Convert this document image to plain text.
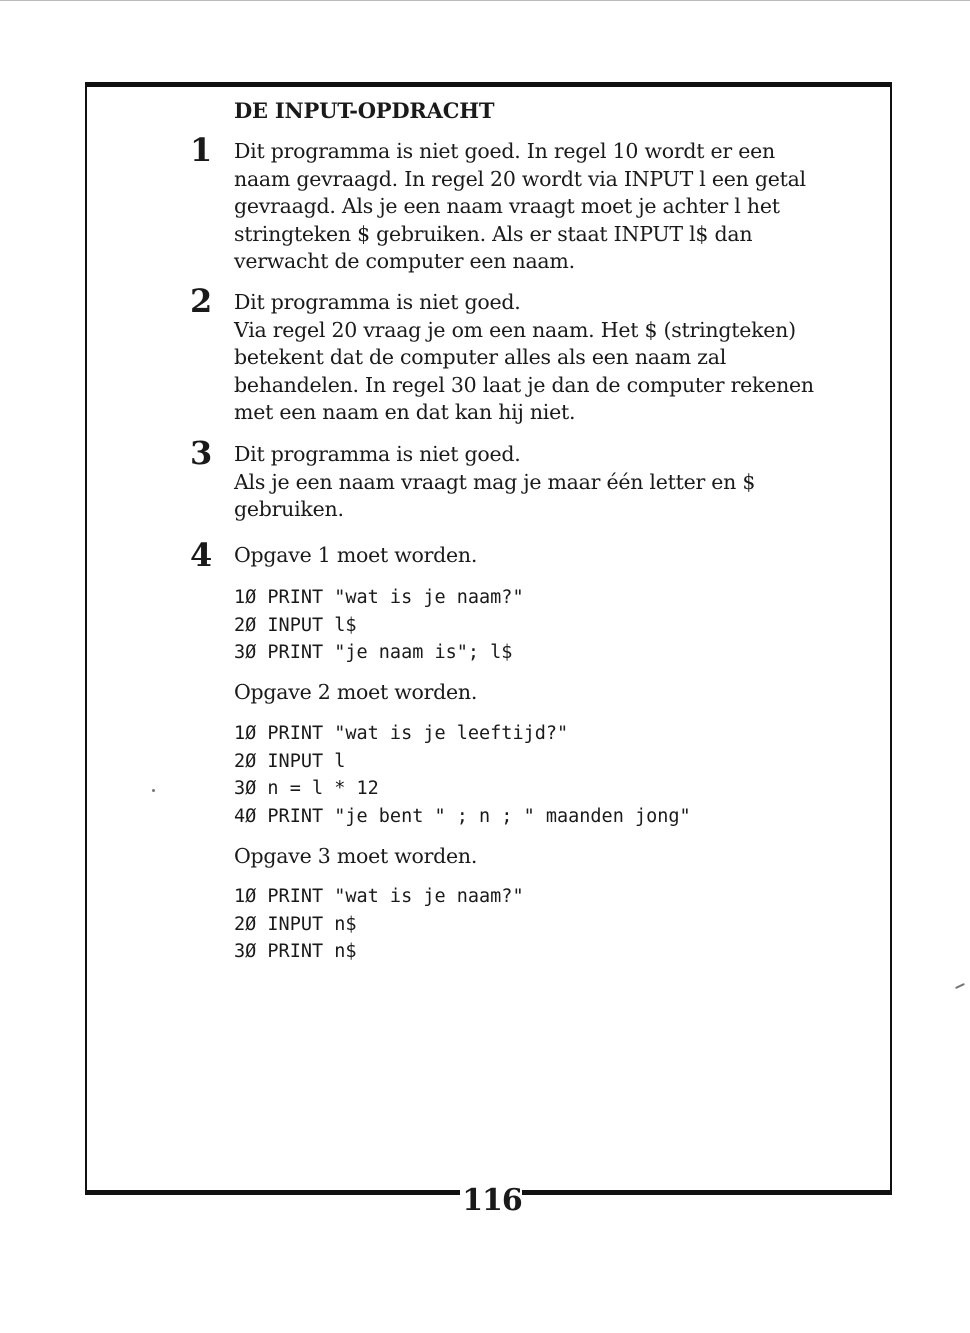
DE INPUT-OPDRACHT
1 Dit programma is niet goed. In regel 10 wordt er een
naam gevraagd. In regel 20 wordt via INPUT l een getal
gevraagd. Als je een naam vraagt moet je achter l het
stringteken $ gebruiken. Als er staat INPUT l$ dan
verwacht de computer een naam.
2 Dit programma is niet goed.
Via regel 20 vraag je om een naam. Het $ (stringteken)
betekent dat de computer alles als een naam zal
behandelen. In regel 30 laat je dan de computer rekenen
met een naam en dat kan hij niet.
3 Dit programma is niet goed.
Als je een naam vraagt mag je maar één letter en $
gebruiken.
4 Opgave 1 moet worden.
1Ø PRINT "wat is je naam?"
2Ø INPUT l$
3Ø PRINT "je naam is"; l$
Opgave 2 moet worden.
1Ø PRINT "wat is je leeftijd?"
2Ø INPUT l
3Ø n = l * 12
4Ø PRINT "je bent " ; n ; " maanden jong"
Opgave 3 moet worden.
1Ø PRINT "wat is je naam?"
2Ø INPUT n$
3Ø PRINT n$
116
